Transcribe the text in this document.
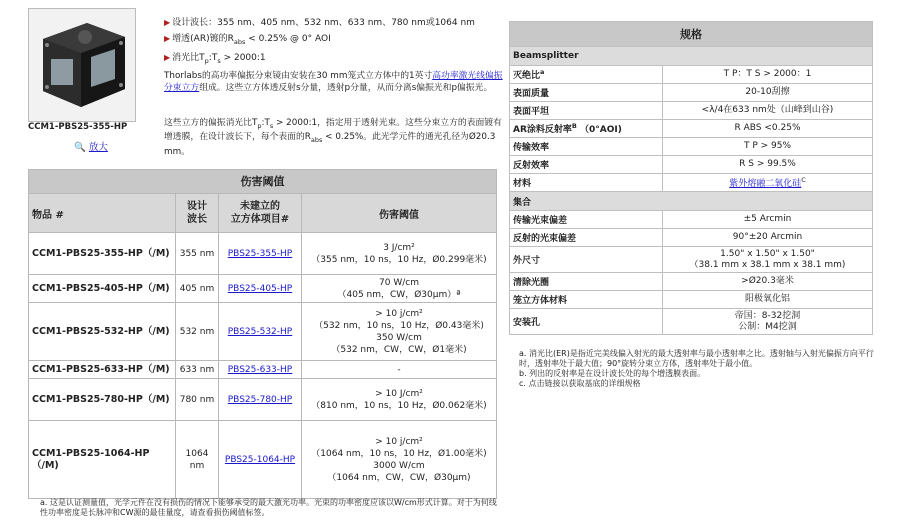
CCM1-PBS25-355-HP
🔍 放大
▶ 设计波长：355 nm、405 nm、532 nm、633 nm、780 nm或1064 nm
▶ 增透(AR)镀的$R_{abs} < 0.25\%$ @ 0° AOI
▶ 消光比$T_p:T_s$ > 2000:1
Thorlabs的高功率偏振分束镜由安装在30 mm笼式立方体中的1英寸高功率激光线偏振分束立方组成。这些立方体透反射s分量，透射p分量，从而分离s偏振光和p偏振光。
这些立方的偏振消光比$T_p:T_s$ > 2000:1，指定用于透射光束。这些分束立方的表面镀有增透膜，在设计波长下，每个表面的$R_{abs} < 0.25\%$。此光学元件的通光孔径为Ø20.3 mm。
伤害阈值			
物品 #	设计
波长	未建立的
立方体项目#	伤害阈值
CCM1-PBS25-355-HP（/M)	355 nm	PBS25-355-HP	3 J/cm²
（355 nm，10 ns，10 Hz，Ø0.299毫米)

CCM1-PBS25-405-HP（/M)	405 nm	PBS25-405-HP	70 W/cm
（405 nm，CW，Ø30μm）ª

CCM1-PBS25-532-HP（/M)	532 nm	PBS25-532-HP	> 10 j/cm²
（532 nm，10 ns，10 Hz，Ø0.43毫米)
350 W/cm
（532 nm，CW，CW，Ø1毫米)

CCM1-PBS25-633-HP（/M)	633 nm	PBS25-633-HP	-

CCM1-PBS25-780-HP（/M)	780 nm	PBS25-780-HP	> 10 J/cm²
（810 nm，10 ns，10 Hz，Ø0.062毫米)

CCM1-PBS25-1064-HP（/M)	1064 nm	PBS25-1064-HP	> 10 j/cm²
（1064 nm，10 ns，10 Hz，Ø1.00毫米)
3000 W/cm
（1064 nm，CW，CW，Ø30μm)
a. 这是认证测量值，光学元件在没有损伤的情况下能够承受的最大激光功率。光束的功率密度应该以W/cm形式计算。对于为何线性功率密度是长脉冲和CW源的最佳量度，请查看损伤阈值标签。
规格	
Beamsplitter	
灭绝比$^a$	T P：T S > 2000：1
表面质量	20-10刮擦
表面平坦	<λ/4在633 nm处（山峰到山谷)
AR涂料反射率$^B$ （0°AOI)	R ABS <0.25%
传输效率	T P > 95%
反射效率	R S > 99.5%
材料	紫外熔融二氧化硅$^C$
集合	
传输光束偏差	±5 Arcmin

反射的光束偏差	90°±20 Arcmin

外尺寸	1.50" x 1.50" x 1.50"
（38.1 mm x 38.1 mm x 38.1 mm)

清除光圈	>Ø20.3毫米

笼立方体材料	阳极氧化铝

安装孔	帝国：8-32挖洞
公制：M4挖洞
a. 消光比(ER)是指近完美线偏入射光的最大透射率与最小透射率之比。透射轴与入射光偏振方向平行时，透射率处于最大值；90°旋转分束立方体，透射率处于最小值。
b. 列出的反射率是在设计波长处的每个增透膜表面。
c. 点击链接以获取基底的详细规格
